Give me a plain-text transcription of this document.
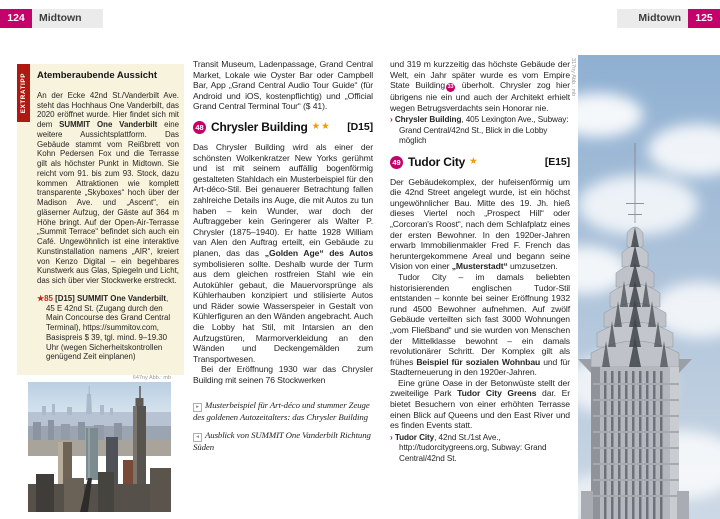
124	Midtown	Midtown	125
EXTRATIPP Atemberaubende Aussicht

An der Ecke 42nd St./Vanderbilt Ave. steht das Hochhaus One Vanderbilt, das 2020 eröffnet wurde. Hier findet sich mit dem SUMMIT One Vanderbilt eine weitere Aussichtsplattform. Das Gebäude stammt vom Reißbrett von Kohn Pedersen Fox und die Terrasse gilt als höchster Punkt in Midtown. Sie reicht vom 91. bis zum 93. Stock, dazu kommen Attraktionen wie komplett transparente „Skyboxes“ hoch über der Madison Ave. und „Ascent“, ein gläserner Aufzug, der Gäste auf 364 m Höhe bringt. Auf der Open-Air-Terrasse „Summit Terrace“ befindet sich auch ein Café. Ungewöhnlich ist eine interaktive Kunstinstallation namens „AIR“, kreiert von Kenzo Digital – ein begehbares Kunstwerk aus Glas, Spiegeln und Licht, das sich über vier Stockwerke erstreckt.

★85 [D15] SUMMIT One Vanderbilt, 45 E 42nd St. (Zugang durch den Main Concourse des Grand Central Terminal), https://summitov.com, Basispreis $ 39, tgl. mind. 9–19.30 Uhr (wegen Sicherheitskontrollen genügend Zeit einplanen)

647ny Abb.: mb

Transit Museum, Ladenpassage, Grand Central Market, Lokale wie Oyster Bar oder Campbell Bar, App „Grand Central Audio Tour Guide“ (für Android und iOS, kostenpflichtig) und „Official Grand Central Terminal Tour“ ($ 41).

48 Chrysler Building ★★ [D15]

Das Chrysler Building wird als einer der schönsten Wolkenkratzer New Yorks gerühmt und ist mit seinem auffällig bogenförmig gestalteten Stahldach ein Musterbeispiel für den Art-déco-Stil. Bei genauerer Betrachtung fallen zahlreiche Details ins Auge, die mit Autos zu tun haben – kein Wunder, war doch der Auftraggeber kein Geringerer als Walter P. Chrysler (1875–1940). Er hatte 1928 William van Alen den Auftrag erteilt, ein Gebäude zu planen, das das „Golden Age“ des Autos symbolisieren sollte. Deshalb wurde der Turm aus dem gleichen rostfreien Stahl wie ein Autokühler gebaut, die Mauervorsprünge als Kühlerhauben konzipiert und stilisierte Autos und Räder sowie Wasserspeier in Gestalt von Kühlerfiguren an den Wänden angebracht. Auch die Lobby hat Stil, mit Intarsien an den Aufzugstüren, Marmorverkleidung an den Wänden und Deckengemälden zum Transportwesen.

Bei der Eröffnung 1930 war das Chrysler Building mit seinen 76 Stockwerken

▸ Musterbeispiel für Art-déco und stummer Zeuge des goldenen Autozeitalters: das Chrysler Building

◂ Ausblick von SUMMIT One Vanderbilt Richtung Süden

und 319 m kurzzeitig das höchste Gebäude der Welt, ein Jahr später wurde es vom Empire State Building 33 überholt. Chrysler zog hier übrigens nie ein und auch der Architekt erhielt wegen Betrugsverdachts sein Honorar nie.

› Chrysler Building, 405 Lexington Ave., Subway: Grand Central/42nd St., Blick in die Lobby möglich

49 Tudor City ★	[E15]

Der Gebäudekomplex, der hufeisenförmig um die 42nd Street angelegt wurde, ist ein höchst ungewöhnlicher Bau. Mitte des 19. Jh. hieß dieses Viertel noch „Prospect Hill“ oder „Corcoran's Roost“, nach dem Schlafplatz eines der ersten Bewohner. In den 1920er-Jahren erwarb Immobilienmakler Fred F. French das heruntergekommene Areal und begann seine Vision von einer „Musterstadt“ umzusetzen.

Tudor City – im damals beliebten historisierenden englischen Tudor-Stil entstanden – konnte bei seiner Eröffnung 1932 rund 4500 Bewohner aufnehmen. Auf zwölf Gebäude verteilten sich fast 3000 Wohnungen „vom Fließband“ und sie wurden von Menschen der Mittelklasse bewohnt – ein damals revolutionärer Schritt. Der Komplex gilt als frühes Beispiel für sozialen Wohnbau und für Stadterneuerung in den 1920er-Jahren.

Eine grüne Oase in der Betonwüste stellt der zweiteilige Park Tudor City Greens dar. Er bietet Besuchern von einer erhöhten Terrasse einen Blick auf Queens und den East River und es finden Events statt.

› Tudor City, 42nd St./1st Ave., http://tudorcitygreens.org, Subway: Grand Central/42nd St.

317ny Abb.: mb
